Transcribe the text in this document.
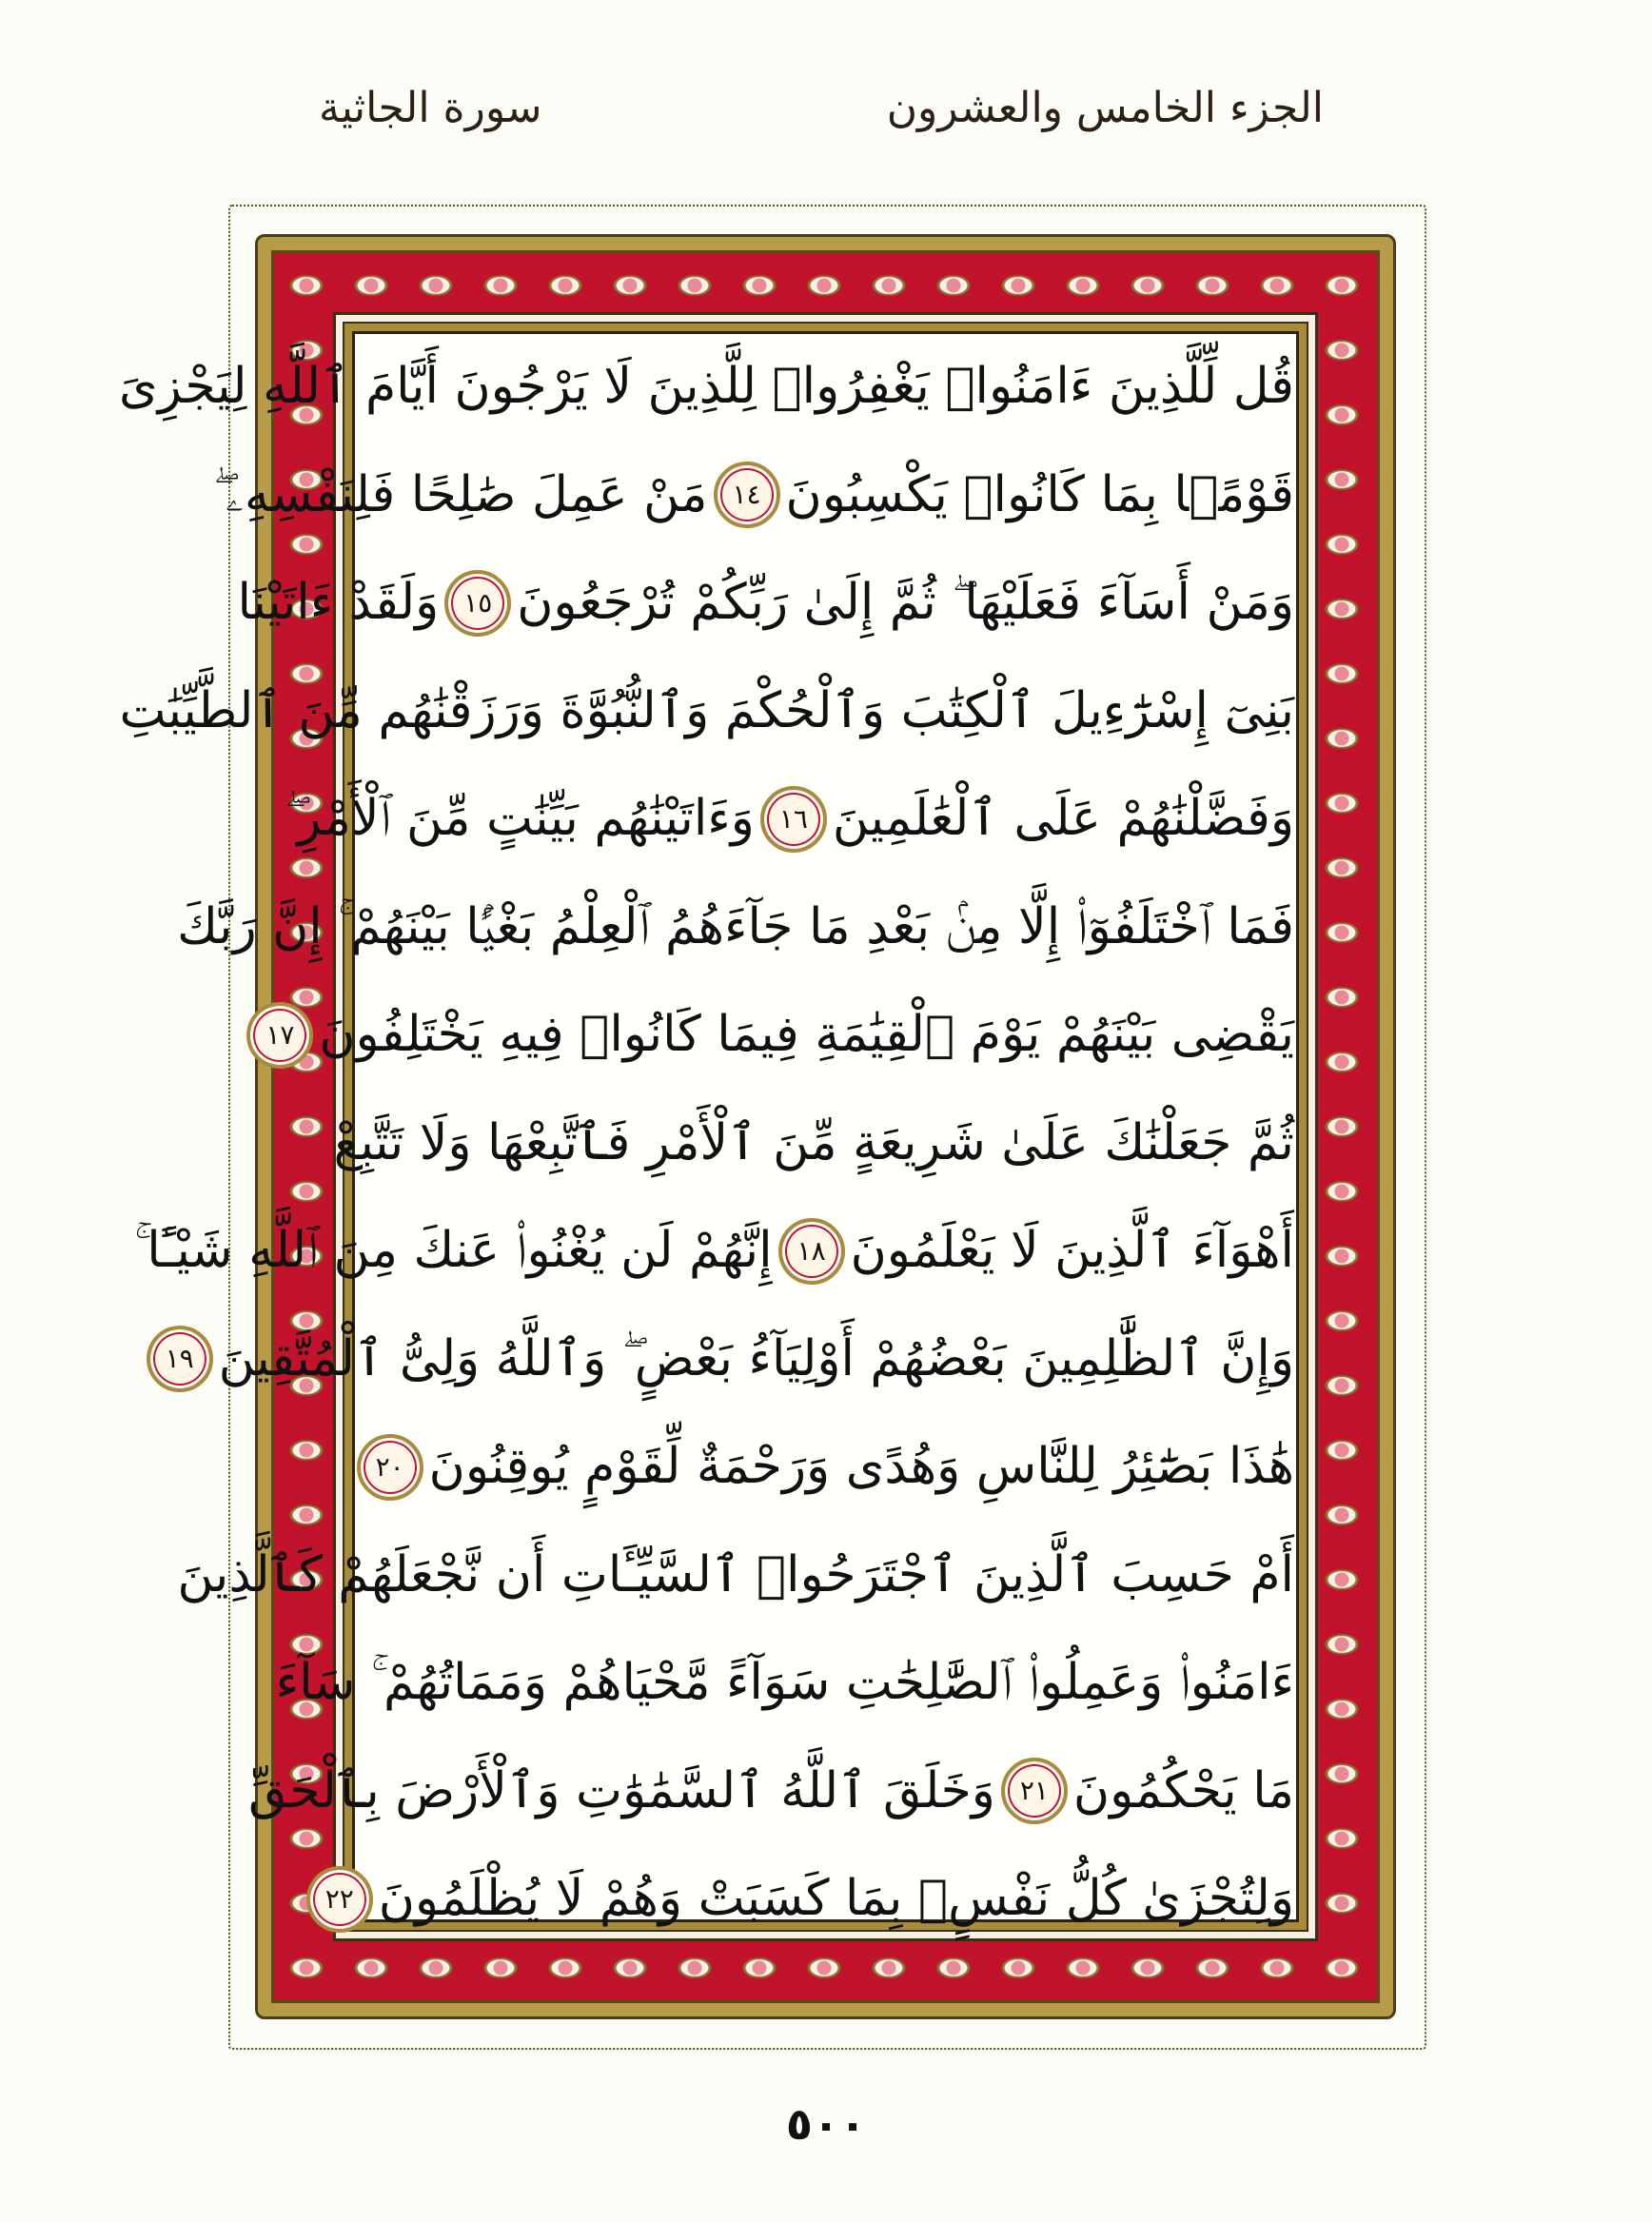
الجزء الخامس والعشرون
سورة الجاثية
قُل لِّلَّذِينَ ءَامَنُوا۟ يَغْفِرُوا۟ لِلَّذِينَ لَا يَرْجُونَ أَيَّامَ ٱللَّهِ لِيَجْزِىَ
قَوْمًۢا بِمَا كَانُوا۟ يَكْسِبُونَ
١٤
مَنْ عَمِلَ صَٰلِحًا فَلِنَفْسِهِۦ ۖ
وَمَنْ أَسَآءَ فَعَلَيْهَا ۖ ثُمَّ إِلَىٰ رَبِّكُمْ تُرْجَعُونَ
١٥
وَلَقَدْ ءَاتَيْنَا
بَنِىٓ إِسْرَٰٓءِيلَ ٱلْكِتَٰبَ وَٱلْحُكْمَ وَٱلنُّبُوَّةَ وَرَزَقْنَٰهُم مِّنَ ٱلطَّيِّبَٰتِ
وَفَضَّلْنَٰهُمْ عَلَى ٱلْعَٰلَمِينَ
١٦
وَءَاتَيْنَٰهُم بَيِّنَٰتٍ مِّنَ ٱلْأَمْرِ ۖ
فَمَا ٱخْتَلَفُوٓا۟ إِلَّا مِنۢ بَعْدِ مَا جَآءَهُمُ ٱلْعِلْمُ بَغْيًۢا بَيْنَهُمْ ۚ إِنَّ رَبَّكَ
يَقْضِى بَيْنَهُمْ يَوْمَ ٱلْقِيَٰمَةِ فِيمَا كَانُوا۟ فِيهِ يَخْتَلِفُونَ
١٧
ثُمَّ جَعَلْنَٰكَ عَلَىٰ شَرِيعَةٍ مِّنَ ٱلْأَمْرِ فَٱتَّبِعْهَا وَلَا تَتَّبِعْ
أَهْوَآءَ ٱلَّذِينَ لَا يَعْلَمُونَ
١٨
إِنَّهُمْ لَن يُغْنُوا۟ عَنكَ مِنَ ٱللَّهِ شَيْـًٔا ۚ
وَإِنَّ ٱلظَّٰلِمِينَ بَعْضُهُمْ أَوْلِيَآءُ بَعْضٍ ۖ وَٱللَّهُ وَلِىُّ ٱلْمُتَّقِينَ
١٩
هَٰذَا بَصَٰٓئِرُ لِلنَّاسِ وَهُدًى وَرَحْمَةٌ لِّقَوْمٍ يُوقِنُونَ
٢٠
أَمْ حَسِبَ ٱلَّذِينَ ٱجْتَرَحُوا۟ ٱلسَّيِّـَٔاتِ أَن نَّجْعَلَهُمْ كَٱلَّذِينَ
ءَامَنُوا۟ وَعَمِلُوا۟ ٱلصَّٰلِحَٰتِ سَوَآءً مَّحْيَاهُمْ وَمَمَاتُهُمْ ۚ سَآءَ
مَا يَحْكُمُونَ
٢١
وَخَلَقَ ٱللَّهُ ٱلسَّمَٰوَٰتِ وَٱلْأَرْضَ بِٱلْحَقِّ
وَلِتُجْزَىٰ كُلُّ نَفْسٍۭ بِمَا كَسَبَتْ وَهُمْ لَا يُظْلَمُونَ
٢٢
٥٠٠
